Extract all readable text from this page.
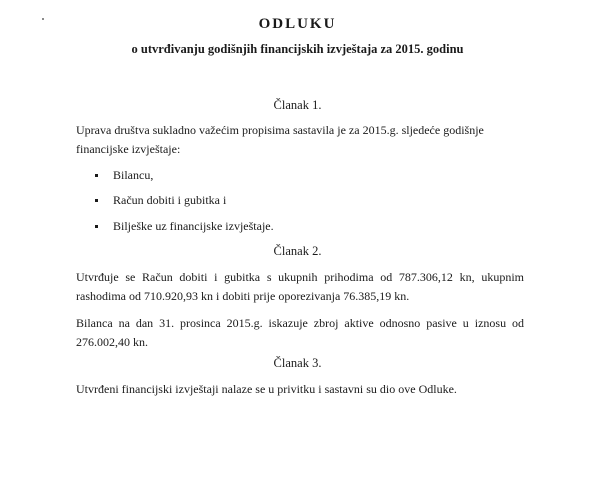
ODLUKU
o utvrđivanju godišnjih financijskih izvještaja za 2015. godinu
Članak 1.

Uprava društva sukladno važećim propisima sastavila je za 2015.g. sljedeće godišnje financijske izvještaje:

Bilancu,
Račun dobiti i gubitka i
Bilješke uz financijske izvještaje.
Članak 2.

Utvrđuje se Račun dobiti i gubitka s ukupnih prihodima od 787.306,12 kn, ukupnim rashodima od 710.920,93 kn i dobiti prije oporezivanja 76.385,19 kn.

Bilanca na dan 31. prosinca 2015.g. iskazuje zbroj aktive odnosno pasive u iznosu od 276.002,40 kn.

Članak 3.

Utvrđeni financijski izvještaji nalaze se u privitku i sastavni su dio ove Odluke.
